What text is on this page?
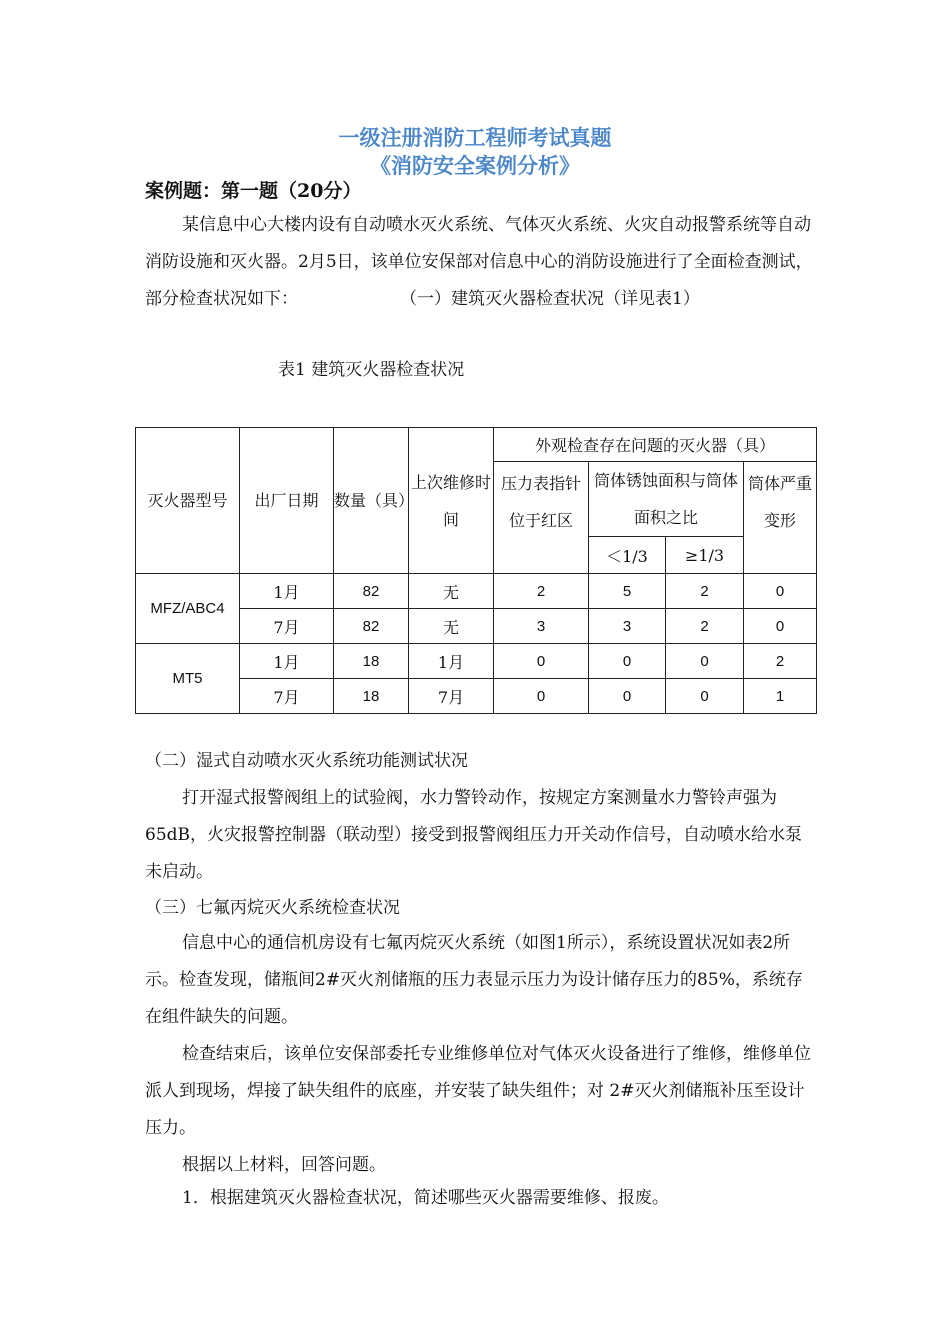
一级注册消防工程师考试真题
《消防安全案例分析》
案例题：第一题（20分）

某信息中心大楼内设有自动喷水灭火系统、气体灭火系统、火灾自动报警系统等自动消防设施和灭火器。2月5日，该单位安保部对信息中心的消防设施进行了全面检查测试，部分检查状况如下：　　　　　　　（一）建筑灭火器检查状况（详见表1）

表1 建筑灭火器检查状况
灭火器型号	出厂日期	数量（具）	上次维修时间	外观检查存在问题的灭火器（具）			
				压力表指针位于红区	筒体锈蚀面积与筒体面积之比		筒体严重变形
					＜1/3	≥1/3	
MFZ/ABC4	1月	82	无	2	5	2	0
	7月	82	无	3	3	2	0
MT5	1月	18	1月	0	0	0	2
	7月	18	7月	0	0	0	1

（二）湿式自动喷水灭火系统功能测试状况

打开湿式报警阀组上的试验阀，水力警铃动作，按规定方案测量水力警铃声强为65dB，火灾报警控制器（联动型）接受到报警阀组压力开关动作信号，自动喷水给水泵未启动。

（三）七氟丙烷灭火系统检查状况

信息中心的通信机房设有七氟丙烷灭火系统（如图1所示），系统设置状况如表2所示。检查发现，储瓶间2#灭火剂储瓶的压力表显示压力为设计储存压力的85%，系统存在组件缺失的问题。

检查结束后，该单位安保部委托专业维修单位对气体灭火设备进行了维修，维修单位派人到现场，焊接了缺失组件的底座，并安装了缺失组件；对 2#灭火剂储瓶补压至设计压力。

根据以上材料，回答问题。

1．根据建筑灭火器检查状况，简述哪些灭火器需要维修、报废。
